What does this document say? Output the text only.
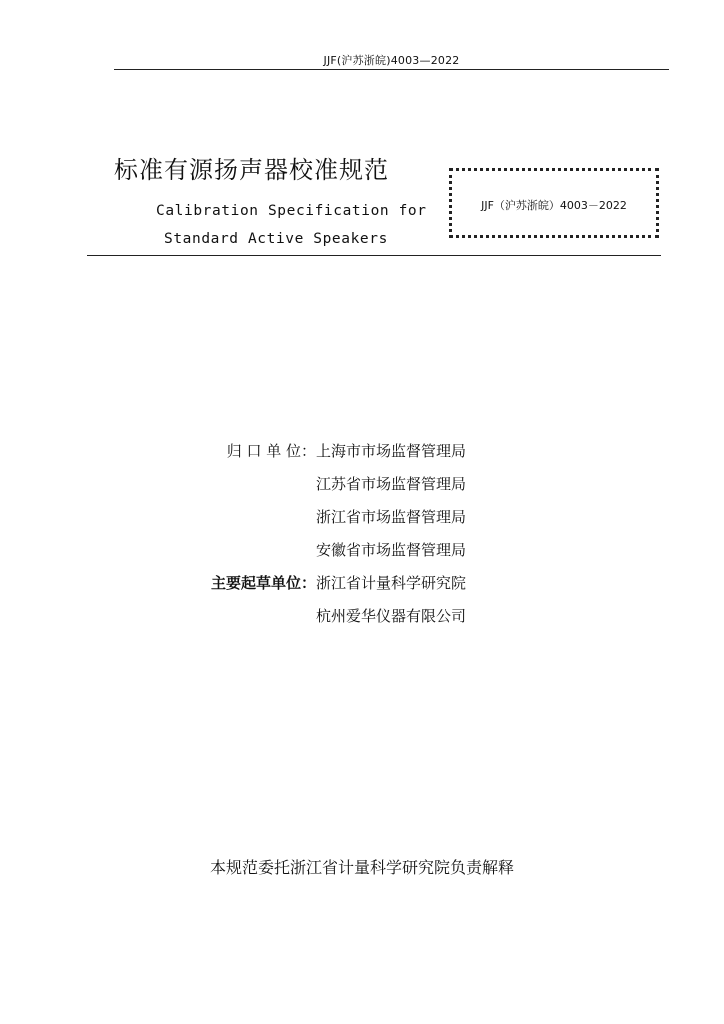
JJF(沪苏浙皖)4003—2022
标准有源扬声器校准规范
Calibration Specification for
Standard Active Speakers
JJF（沪苏浙皖）4003－2022
归 口 单 位： 上海市市场监督管理局
江苏省市场监督管理局
浙江省市场监督管理局
安徽省市场监督管理局
主要起草单位： 浙江省计量科学研究院
杭州爱华仪器有限公司
本规范委托浙江省计量科学研究院负责解释
